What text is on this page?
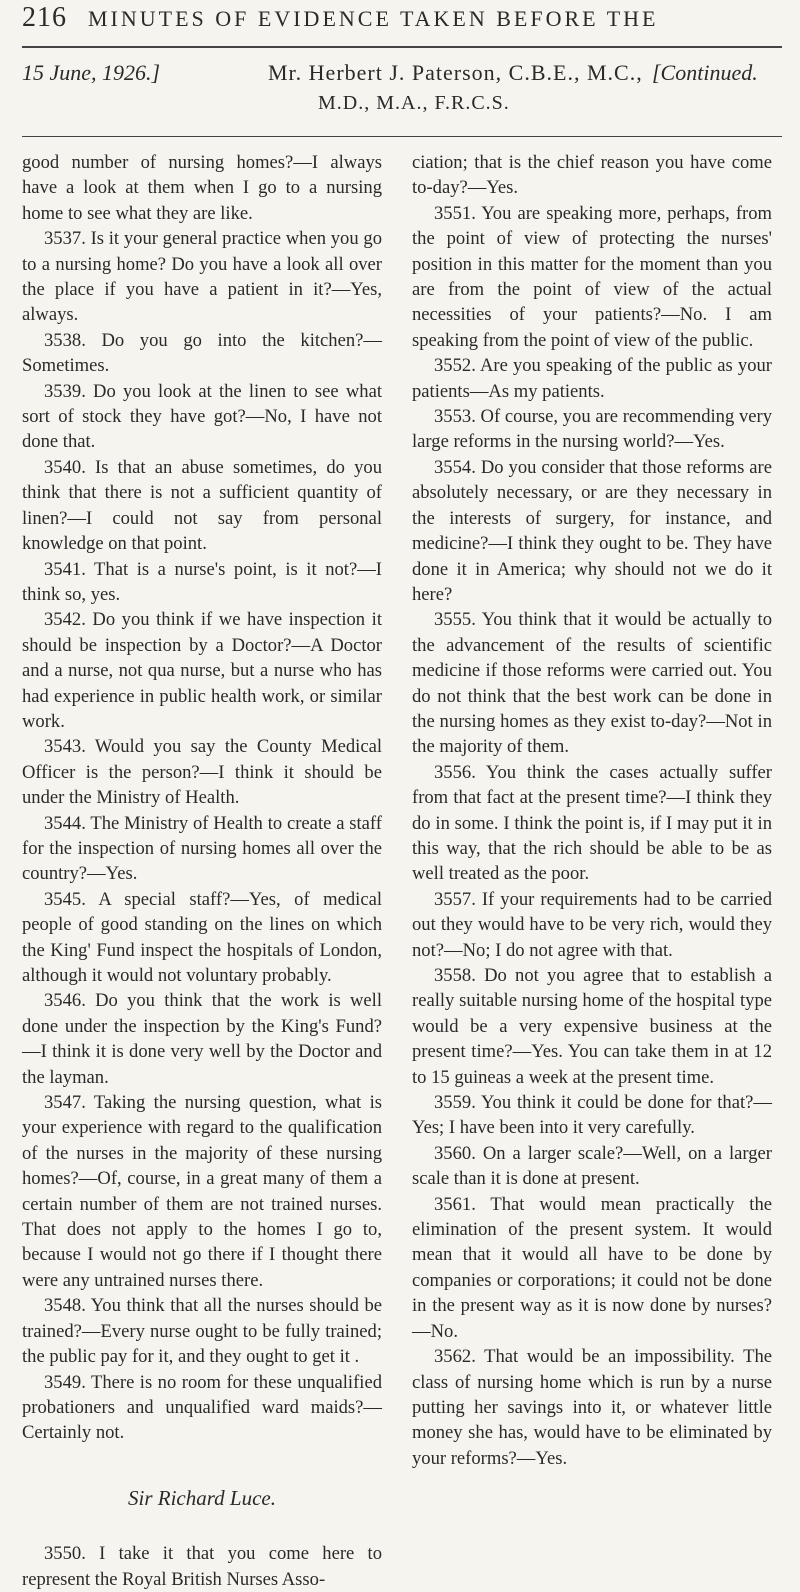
216 MINUTES OF EVIDENCE TAKEN BEFORE THE
15 June, 1926.]	Mr. Herbert J. Paterson, C.B.E., M.C.,
M.D., M.A., F.R.C.S.
[Continued.

good number of nursing homes?—I always have a look at them when I go to a nursing home to see what they are like.

3537. Is it your general practice when you go to a nursing home? Do you have a look all over the place if you have a patient in it?—Yes, always.

3538. Do you go into the kitchen?—Sometimes.

3539. Do you look at the linen to see what sort of stock they have got?—No, I have not done that.

3540. Is that an abuse sometimes, do you think that there is not a sufficient quantity of linen?—I could not say from personal knowledge on that point.

3541. That is a nurse's point, is it not?—I think so, yes.

3542. Do you think if we have inspection it should be inspection by a Doctor?—A Doctor and a nurse, not qua nurse, but a nurse who has had experience in public health work, or similar work.

3543. Would you say the County Medical Officer is the person?—I think it should be under the Ministry of Health.

3544. The Ministry of Health to create a staff for the inspection of nursing homes all over the country?—Yes.

3545. A special staff?—Yes, of medical people of good standing on the lines on which the King' Fund inspect the hospitals of London, although it would not voluntary probably.

3546. Do you think that the work is well done under the inspection by the King's Fund?—I think it is done very well by the Doctor and the layman.

3547. Taking the nursing question, what is your experience with regard to the qualification of the nurses in the majority of these nursing homes?—Of, course, in a great many of them a certain number of them are not trained nurses. That does not apply to the homes I go to, because I would not go there if I thought there were any untrained nurses there.

3548. You think that all the nurses should be trained?—Every nurse ought to be fully trained; the public pay for it, and they ought to get it .

3549. There is no room for these unqualified probationers and unqualified ward maids?—Certainly not.

Sir Richard Luce.

3550. I take it that you come here to represent the Royal British Nurses Asso-

ciation; that is the chief reason you have come to-day?—Yes.

3551. You are speaking more, perhaps, from the point of view of protecting the nurses' position in this matter for the moment than you are from the point of view of the actual necessities of your patients?—No. I am speaking from the point of view of the public.

3552. Are you speaking of the public as your patients—As my patients.

3553. Of course, you are recommending very large reforms in the nursing world?—Yes.

3554. Do you consider that those reforms are absolutely necessary, or are they necessary in the interests of surgery, for instance, and medicine?—I think they ought to be. They have done it in America; why should not we do it here?

3555. You think that it would be actually to the advancement of the results of scientific medicine if those reforms were carried out. You do not think that the best work can be done in the nursing homes as they exist to-day?—Not in the majority of them.

3556. You think the cases actually suffer from that fact at the present time?—I think they do in some. I think the point is, if I may put it in this way, that the rich should be able to be as well treated as the poor.

3557. If your requirements had to be carried out they would have to be very rich, would they not?—No; I do not agree with that.

3558. Do not you agree that to establish a really suitable nursing home of the hospital type would be a very expensive business at the present time?—Yes. You can take them in at 12 to 15 guineas a week at the present time.

3559. You think it could be done for that?—Yes; I have been into it very carefully.

3560. On a larger scale?—Well, on a larger scale than it is done at present.

3561. That would mean practically the elimination of the present system. It would mean that it would all have to be done by companies or corporations; it could not be done in the present way as it is now done by nurses?—No.

3562. That would be an impossibility. The class of nursing home which is run by a nurse putting her savings into it, or whatever little money she has, would have to be eliminated by your reforms?—Yes.
